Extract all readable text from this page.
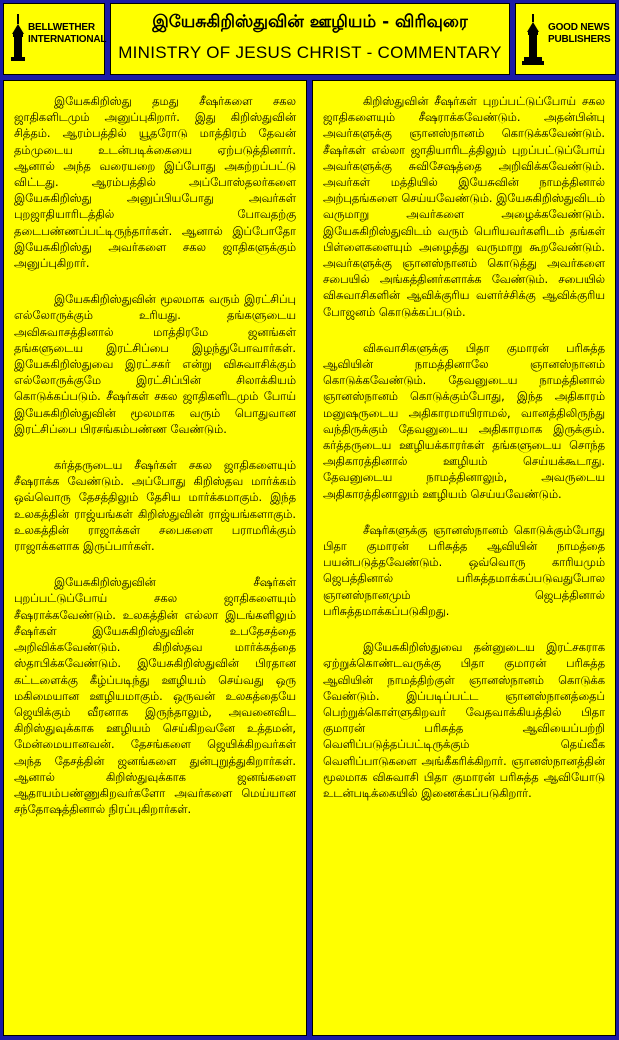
BELLWETHER
INTERNATIONAL
இயேசுகிறிஸ்துவின் ஊழியம் - விரிவுரை
MINISTRY OF JESUS CHRIST - COMMENTARY
GOOD NEWS
PUBLISHERS

இயேசுகிறிஸ்து தமது சீஷர்களை சகல ஜாதிகளிடமும் அனுப்புகிறார். இது கிறிஸ்துவின் சித்தம். ஆரம்பத்தில் யூதரோடு மாத்திரம் தேவன் தம்முடைய உடன்படிக்கையை ஏற்படுத்தினார். ஆனால் அந்த வரையறை இப்போது அகற்றப்பட்டு விட்டது. ஆரம்பத்தில் அப்போஸ்தலர்களை இயேசுகிறிஸ்து அனுப்பியபோது அவர்கள் புறஜாதியாரிடத்தில் போவதற்கு தடைபண்ணப்பட்டிருந்தார்கள். ஆனால் இப்போதோ இயேசுகிறிஸ்து அவர்களை சகல ஜாதிகளுக்கும் அனுப்புகிறார்.

இயேசுகிறிஸ்துவின் மூலமாக வரும் இரட்சிப்பு எல்லோருக்கும் உரியது. தங்களுடைய அவிசுவாசத்தினால் மாத்திரமே ஜனங்கள் தங்களுடைய இரட்சிப்பை இழந்துபோவார்கள். இயேசுகிறிஸ்துவை இரட்சகர் என்று விசுவாசிக்கும் எல்லோருக்குமே இரட்சிப்பின் சிலாக்கியம் கொடுக்கப்படும். சீஷர்கள் சகல ஜாதிகளிடமும் போய் இயேசுகிறிஸ்துவின் மூலமாக வரும் பொதுவான இரட்சிப்பை பிரசங்கம்பண்ண வேண்டும்.

கர்த்தருடைய சீஷர்கள் சகல ஜாதிகளையும் சீஷராக்க வேண்டும். அப்போது கிறிஸ்தவ மார்க்கம் ஒவ்வொரு தேசத்திலும் தேசிய மார்க்கமாகும். இந்த உலகத்தின் ராஜ்யங்கள் கிறிஸ்துவின் ராஜ்யங்களாகும். உலகத்தின் ராஜாக்கள் சபைகளை பராமரிக்கும் ராஜாக்களாக இருப்பார்கள்.

இயேசுகிறிஸ்துவின் சீஷர்கள் புறப்பட்டுப்போய் சகல ஜாதிகளையும் சீஷராக்கவேண்டும். உலகத்தின் எல்லா இடங்களிலும் சீஷர்கள் இயேசுகிறிஸ்துவின் உபதேசத்தை அறிவிக்கவேண்டும். கிறிஸ்தவ மார்க்கத்தை ஸ்தாபிக்கவேண்டும். இயேசுகிறிஸ்துவின் பிரதான கட்டளைக்கு கீழ்ப்படிந்து ஊழியம் செய்வது ஒரு மகிமையான ஊழியமாகும். ஒருவன் உலகத்தையே ஜெயிக்கும் வீரனாக இருந்தாலும், அவனைவிட கிறிஸ்துவுக்காக ஊழியம் செய்கிறவனே உத்தமன், மேன்மையானவன். தேசங்களை ஜெயிக்கிறவர்கள் அந்த தேசத்தின் ஜனங்களை துன்புறுத்துகிறார்கள். ஆனால் கிறிஸ்துவுக்காக ஜனங்களை ஆதாயம்பண்ணுகிறவர்களோ அவர்களை மெய்யான சந்தோஷத்தினால் நிரப்புகிறார்கள்.

கிறிஸ்துவின் சீஷர்கள் புறப்பட்டுப்போய் சகல ஜாதிகளையும் சீஷராக்கவேண்டும். அதன்பின்பு அவர்களுக்கு ஞானஸ்நானம் கொடுக்கவேண்டும். சீஷர்கள் எல்லா ஜாதியாரிடத்திலும் புறப்பட்டுப்போய் அவர்களுக்கு சுவிசேஷத்தை அறிவிக்கவேண்டும். அவர்கள் மத்தியில் இயேசுவின் நாமத்தினால் அற்புதங்களை செய்யவேண்டும். இயேசுகிறிஸ்துவிடம் வருமாறு அவர்களை அழைக்கவேண்டும். இயேசுகிறிஸ்துவிடம் வரும் பெரியவர்களிடம் தங்கள் பிள்ளைகளையும் அழைத்து வருமாறு கூறவேண்டும். அவர்களுக்கு ஞானஸ்நானம் கொடுத்து அவர்களை சபையில் அங்கத்தினர்களாக்க வேண்டும். சபையில் விசுவாசிகளின் ஆவிக்குரிய வளர்ச்சிக்கு ஆவிக்குரிய போஜனம் கொடுக்கப்படும்.

விசுவாசிகளுக்கு பிதா குமாரன் பரிசுத்த ஆவியின் நாமத்தினாலே ஞானஸ்நானம் கொடுக்கவேண்டும். தேவனுடைய நாமத்தினால் ஞானஸ்நானம் கொடுக்கும்போது, இந்த அதிகாரம் மனுஷருடைய அதிகாரமாயிராமல், வானத்திலிருந்து வந்திருக்கும் தேவனுடைய அதிகாரமாக இருக்கும். கர்த்தருடைய ஊழியக்காரர்கள் தங்களுடைய சொந்த அதிகாரத்தினால் ஊழியம் செய்யக்கூடாது. தேவனுடைய நாமத்தினாலும், அவருடைய அதிகாரத்தினாலும் ஊழியம் செய்யவேண்டும்.

சீஷர்களுக்கு ஞானஸ்நானம் கொடுக்கும்போது பிதா குமாரன் பரிசுத்த ஆவியின் நாமத்தை பயன்படுத்தவேண்டும். ஒவ்வொரு காரியமும் ஜெபத்தினால் பரிசுத்தமாக்கப்படுவதுபோல ஞானஸ்நானமும் ஜெபத்தினால் பரிசுத்தமாக்கப்படுகிறது.

இயேசுகிறிஸ்துவை தன்னுடைய இரட்சகராக ஏற்றுக்கொண்டவருக்கு பிதா குமாரன் பரிசுத்த ஆவியின் நாமத்திற்குள் ஞானஸ்நானம் கொடுக்க வேண்டும். இப்படிப்பட்ட ஞானஸ்நானத்தைப் பெற்றுக்கொள்ளுகிறவர் வேதவாக்கியத்தில் பிதா குமாரன் பரிசுத்த ஆவியைப்பற்றி வெளிப்படுத்தப்பட்டிருக்கும் தெய்வீக வெளிப்பாடுகளை அங்கீகரிக்கிறார். ஞானஸ்நானத்தின் மூலமாக விசுவாசி பிதா குமாரன் பரிசுத்த ஆவியோடு உடன்படிக்கையில் இணைக்கப்படுகிறார்.
